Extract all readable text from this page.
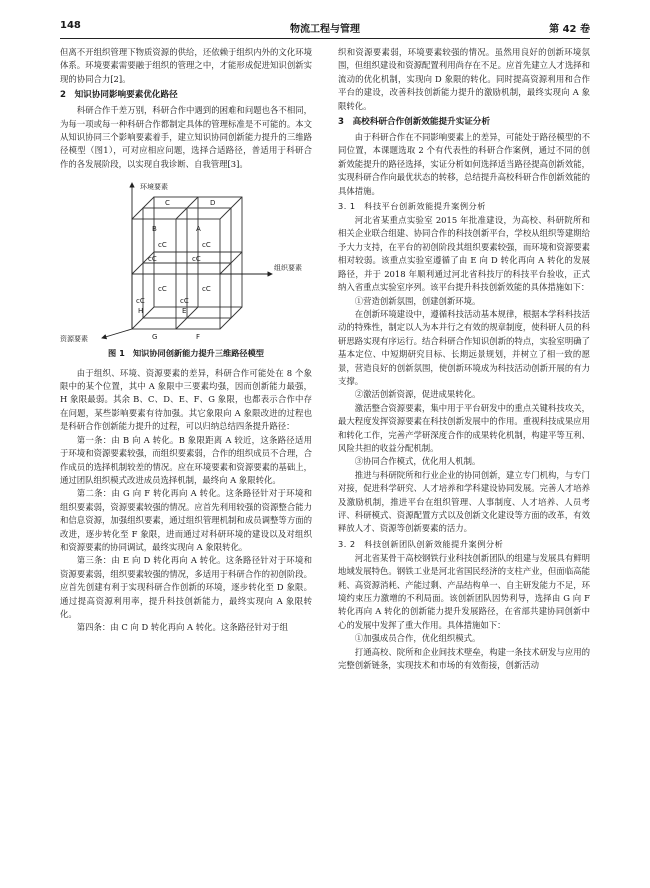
148	物流工程与管理	第 42 卷

但离不开组织管理下物质资源的供给，还依赖于组织内外的文化环境体系。环境要素需要融于组织的管理之中，才能形成促进知识创新实现的协同合力[2]。

2　知识协同影响要素优化路径

科研合作千差万别，科研合作中遇到的困难和问题也各不相同，为每一项或每一种科研合作都制定具体的管理标准是不可能的。本文从知识协同三个影响要素着手，建立知识协同创新能力提升的三维路径模型（图1），可对应相应问题，选择合适路径，普适用于科研合作的各发展阶段，以实现自我诊断、自我管理[3]。

环境要素
组织要素
资源要素
C	D
B	A
cC	cC
cC	cC
cC	cC
cC	cC
H	E
G	F
图 1　知识协同创新能力提升三维路径模型

由于组织、环境、资源要素的差异，科研合作可能处在 8 个象限中的某个位置，其中 A 象限中三要素均强，因而创新能力最强，H 象限最弱。其余 B、C、D、E、F、G 象限，也都表示合作中存在问题，某些影响要素有待加强。其它象限向 A 象限改进的过程也是科研合作创新能力提升的过程，可以归纳总结四条提升路径：

第一条：由 B 向 A 转化。B 象限距离 A 较近，这条路径适用于环境和资源要素较强，而组织要素弱，合作的组织成员不合理，合作成员的选择机制较差的情况。应在环境要素和资源要素的基础上，通过团队组织模式改进成员选择机制，最终向 A 象限转化。

第二条：由 G 向 F 转化再向 A 转化。这条路径针对于环境和组织要素弱，资源要素较强的情况。应首先利用较强的资源整合能力和信息资源，加强组织要素，通过组织管理机制和成员调整等方面的改进，逐步转化至 F 象限，进而通过对科研环境的建设以及对组织和资源要素的协同调试，最终实现向 A 象限转化。

第三条：由 E 向 D 转化再向 A 转化。这条路径针对于环境和资源要素弱，组织要素较强的情况，多适用于科研合作的初创阶段。应首先创建有利于实现科研合作创新的环境，逐步转化至 D 象限。通过提高资源利用率，提升科技创新能力，最终实现向 A 象限转化。

第四条：由 C 向 D 转化再向 A 转化。这条路径针对于组

织和资源要素弱，环境要素较强的情况。虽然用良好的创新环境氛围，但组织建设和资源配置利用尚存在不足。应首先建立人才选择和流动的优化机制，实现向 D 象限的转化。同时提高资源利用和合作平台的建设，改善科技创新能力提升的激励机制，最终实现向 A 象限转化。

3　高校科研合作创新效能提升实证分析

由于科研合作在不同影响要素上的差异，可能处于路径模型的不同位置，本课题选取 2 个有代表性的科研合作案例，通过不同的创新效能提升的路径选择，实证分析如何选择适当路径提高创新效能，实现科研合作向最优状态的转移，总结提升高校科研合作创新效能的具体措施。

3. 1　科技平台创新效能提升案例分析

河北省某重点实验室 2015 年批准建设，为高校、科研院所和相关企业联合组建、协同合作的科技创新平台，学校从组织等建期给予大力支持，在平台的初创阶段其组织要素较强，而环境和资源要素相对较弱。该重点实验室遵循了由 E 向 D 转化再向 A 转化的发展路径，并于 2018 年顺利通过河北省科技厅的科技平台验收，正式纳入省重点实验室序列。该平台提升科技创新效能的具体措施如下：

①营造创新氛围，创建创新环境。

在创新环境建设中，遵循科技活动基本规律，根据本学科科技活动的特殊性，制定以人为本并行之有效的规章制度，使科研人员的科研思路实现有序运行。结合科研合作知识创新的特点，实验室明确了基本定位、中短期研究目标、长期远景规划，并树立了相一致的愿景，营造良好的创新氛围，使创新环境成为科技活动创新开展的有力支撑。

②激活创新资源，促进成果转化。

激活整合资源要素，集中用于平台研发中的重点关键科技攻关，最大程度发挥资源要素在科技创新发展中的作用。重视科技成果应用和转化工作，完善产学研深度合作的成果转化机制，构建平等互利、风险共担的收益分配机制。

③协同合作模式，优化用人机制。

推进与科研院所和行业企业的协同创新，建立专门机构，与专门对接，促进科学研究、人才培养和学科建设协同发展。完善人才培养及激励机制，推进平台在组织管理、人事制度、人才培养、人员考评、科研模式、资源配置方式以及创新文化建设等方面的改革，有效释放人才、资源等创新要素的活力。

3. 2　科技创新团队创新效能提升案例分析

河北省某骨干高校钢铁行业科技创新团队的组建与发展具有鲜明地域发展特色。钢铁工业是河北省国民经济的支柱产业，但面临高能耗、高资源消耗、产能过剩、产品结构单一、自主研发能力不足，环境约束压力激增的不利局面。该创新团队因势利导，选择由 G 向 F 转化再向 A 转化的创新能力提升发展路径，在省部共建协同创新中心的发展中发挥了重大作用。具体措施如下：

①加强成员合作，优化组织模式。

打通高校、院所和企业间技术壁垒，构建一条技术研发与应用的完整创新链条，实现技术和市场的有效衔接，创新活动
